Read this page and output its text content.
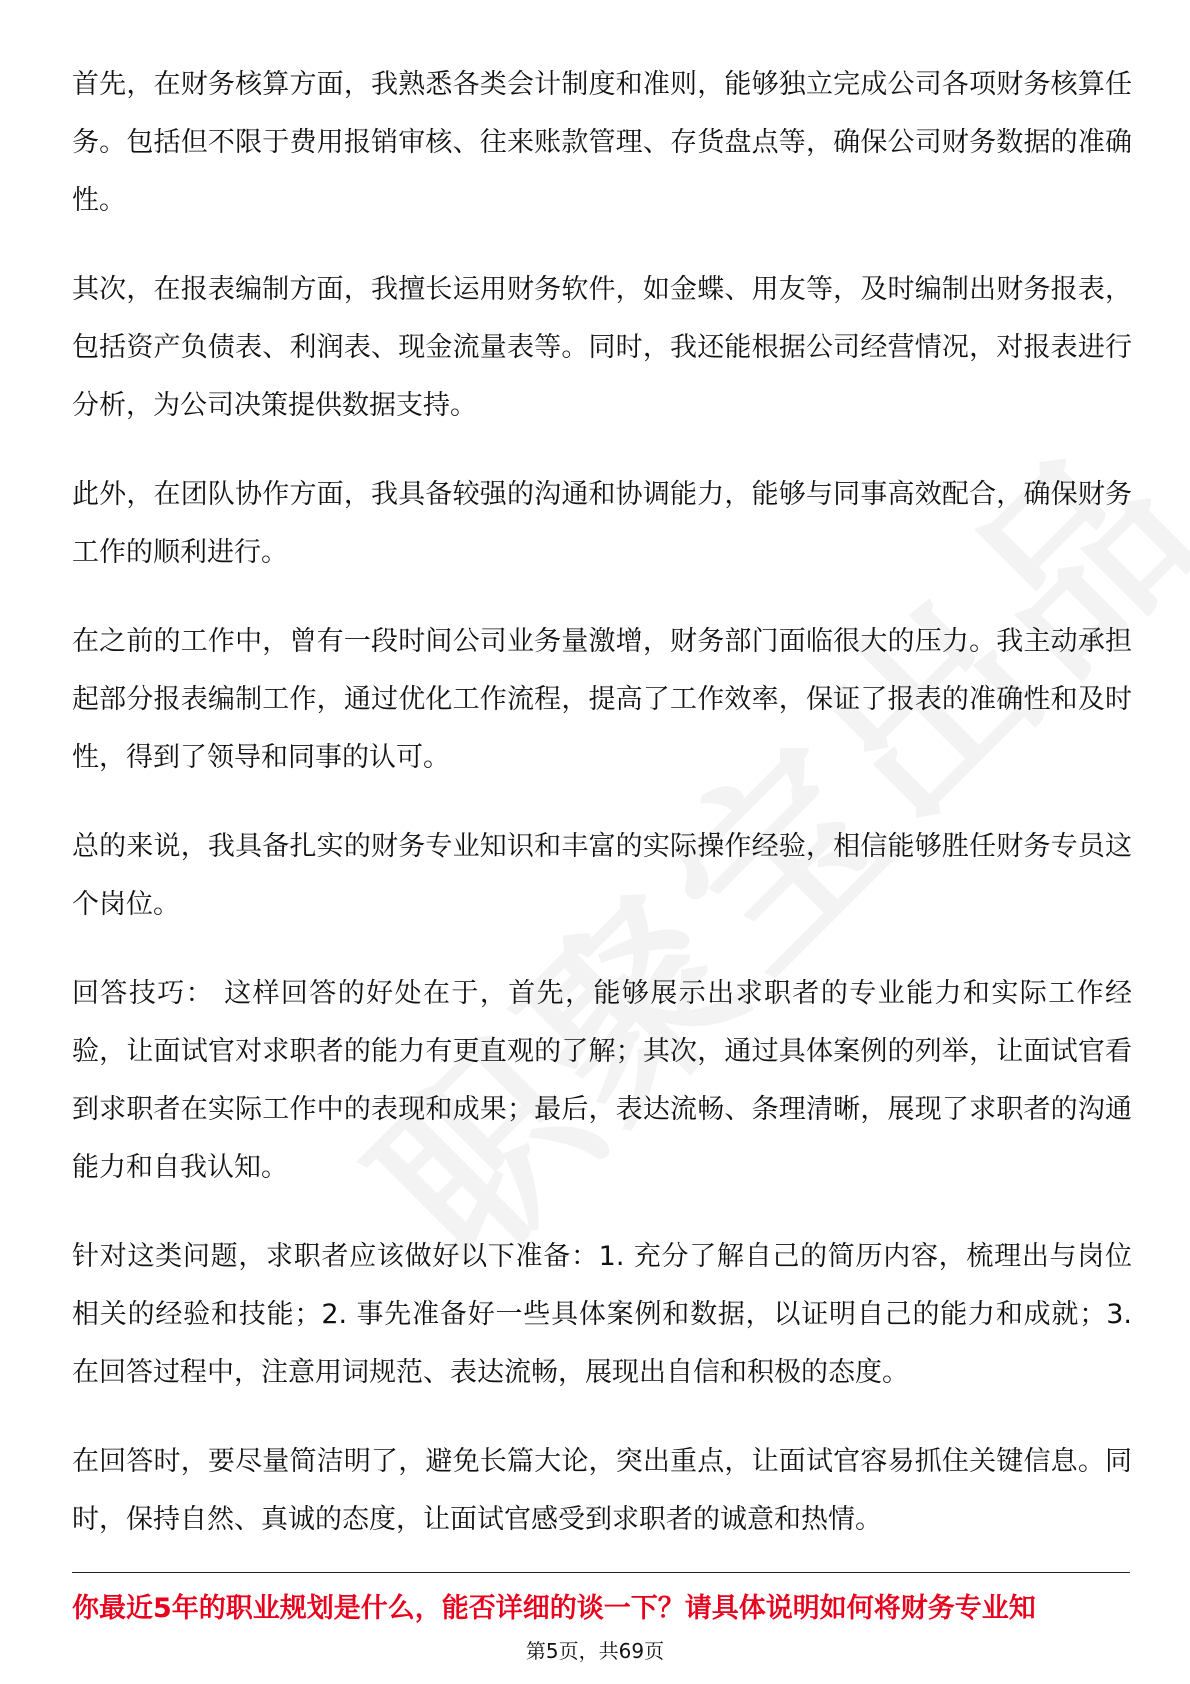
首先，在财务核算方面，我熟悉各类会计制度和准则，能够独立完成公司各项财务核算任务。包括但不限于费用报销审核、往来账款管理、存货盘点等，确保公司财务数据的准确性。

其次，在报表编制方面，我擅长运用财务软件，如金蝶、用友等，及时编制出财务报表，包括资产负债表、利润表、现金流量表等。同时，我还能根据公司经营情况，对报表进行分析，为公司决策提供数据支持。

此外，在团队协作方面，我具备较强的沟通和协调能力，能够与同事高效配合，确保财务工作的顺利进行。

在之前的工作中，曾有一段时间公司业务量激增，财务部门面临很大的压力。我主动承担起部分报表编制工作，通过优化工作流程，提高了工作效率，保证了报表的准确性和及时性，得到了领导和同事的认可。

总的来说，我具备扎实的财务专业知识和丰富的实际操作经验，相信能够胜任财务专员这个岗位。

回答技巧： 这样回答的好处在于，首先，能够展示出求职者的专业能力和实际工作经验，让面试官对求职者的能力有更直观的了解；其次，通过具体案例的列举，让面试官看到求职者在实际工作中的表现和成果；最后，表达流畅、条理清晰，展现了求职者的沟通能力和自我认知。

针对这类问题，求职者应该做好以下准备：1. 充分了解自己的简历内容，梳理出与岗位相关的经验和技能；2. 事先准备好一些具体案例和数据，以证明自己的能力和成就；3. 在回答过程中，注意用词规范、表达流畅，展现出自信和积极的态度。

在回答时，要尽量简洁明了，避免长篇大论，突出重点，让面试官容易抓住关键信息。同时，保持自然、真诚的态度，让面试官感受到求职者的诚意和热情。

你最近5年的职业规划是什么，能否详细的谈一下？请具体说明如何将财务专业知
第5页，共69页
